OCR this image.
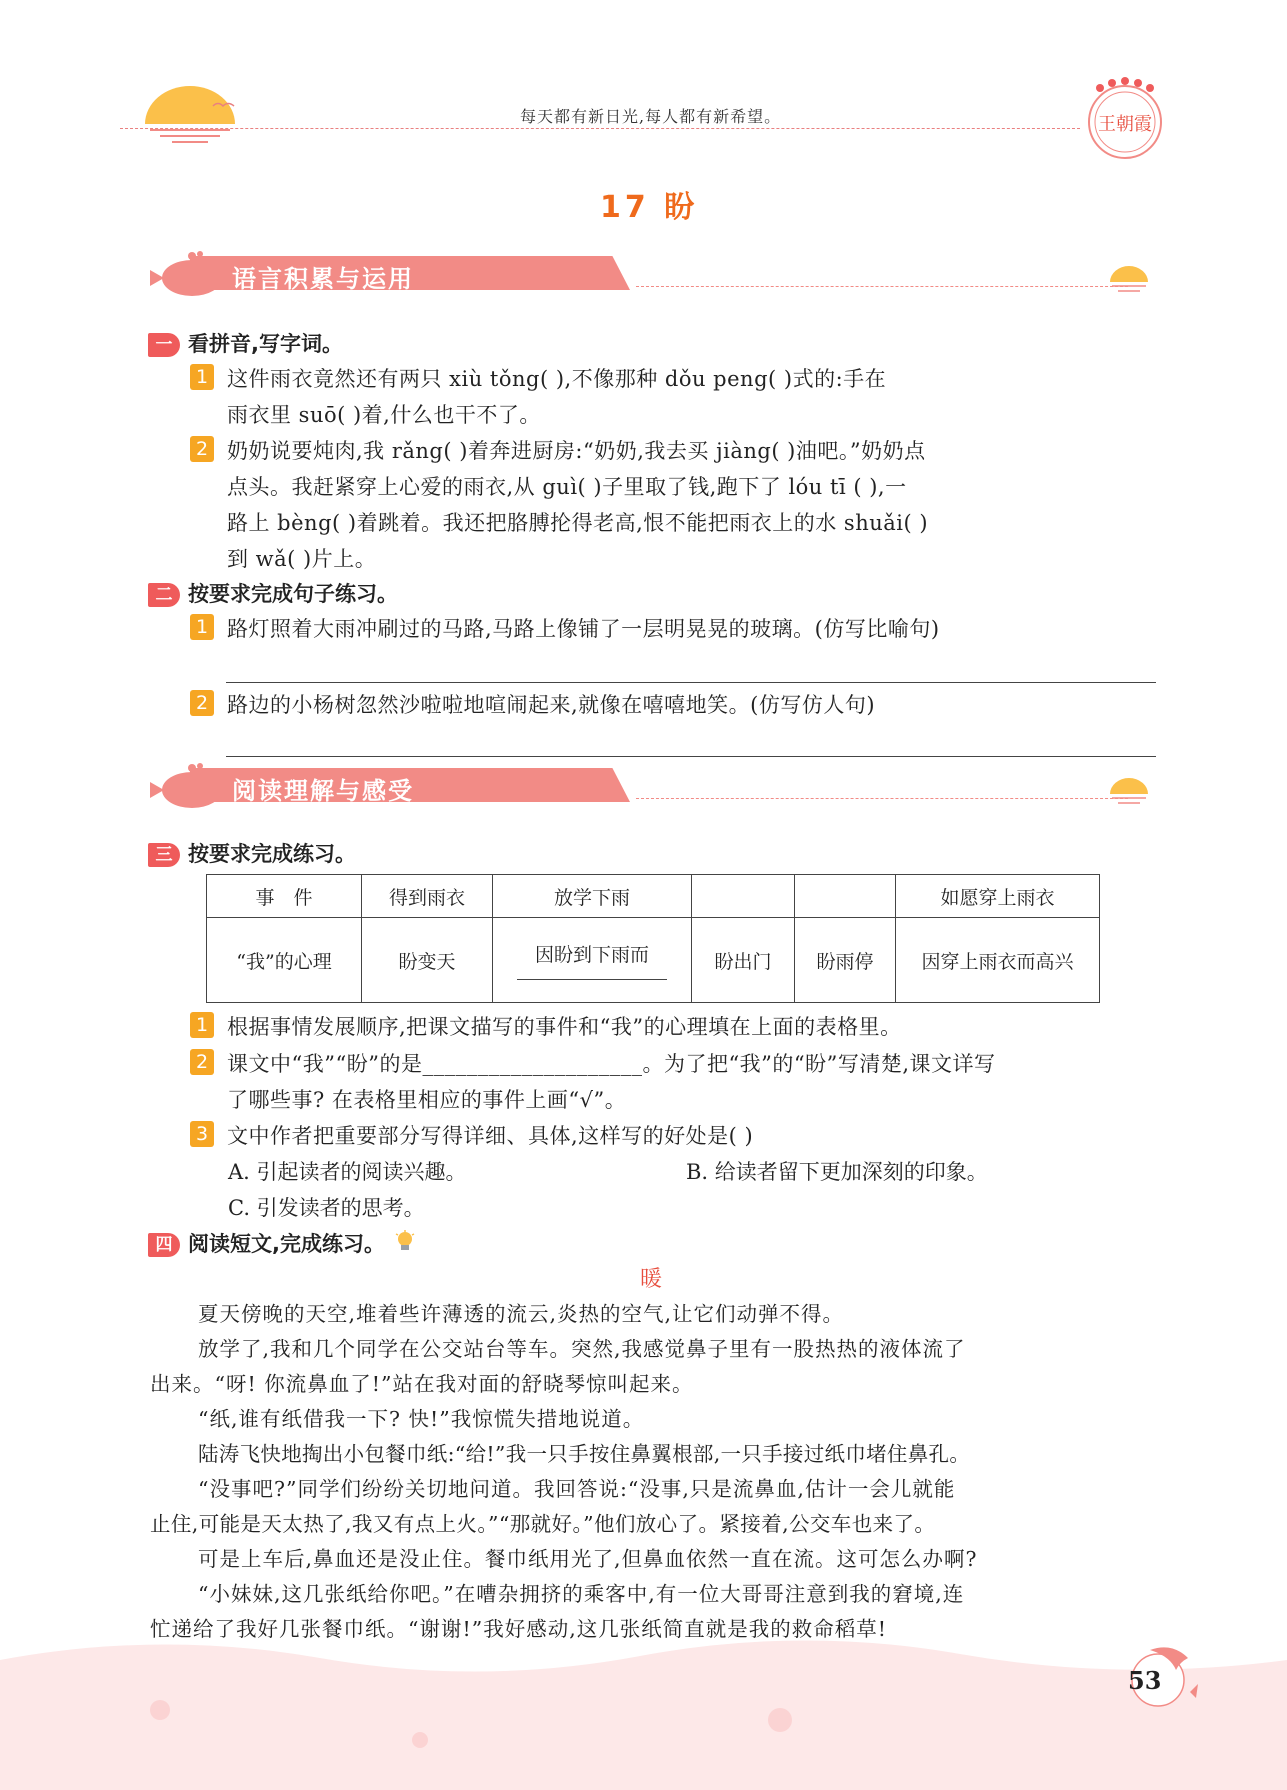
每天都有新日光,每人都有新希望。	王朝霞
17 盼
语言积累与运用
一 看拼音,写字词。
1 这件雨衣竟然还有两只 xiù tǒng( ),不像那种 dǒu peng( )式的:手在
雨衣里 suō( )着,什么也干不了。
2 奶奶说要炖肉,我 rǎng( )着奔进厨房:“奶奶,我去买 jiàng( )油吧。”奶奶点
点头。我赶紧穿上心爱的雨衣,从 guì( )子里取了钱,跑下了 lóu tī ( ),一
路上 bèng( )着跳着。我还把胳膊抡得老高,恨不能把雨衣上的水 shuǎi( )
到 wǎ( )片上。
二 按要求完成句子练习。
1 路灯照着大雨冲刷过的马路,马路上像铺了一层明晃晃的玻璃。(仿写比喻句)
2 路边的小杨树忽然沙啦啦地喧闹起来,就像在嘻嘻地笑。(仿写仿人句)
阅读理解与感受
三 按要求完成练习。
事　件	得到雨衣	放学下雨			如愿穿上雨衣
“我”的心理	盼变天	因盼到下雨而	盼出门	盼雨停	因穿上雨衣而高兴
1 根据事情发展顺序,把课文描写的事件和“我”的心理填在上面的表格里。
2 课文中“我”“盼”的是____________________。为了把“我”的“盼”写清楚,课文详写
了哪些事? 在表格里相应的事件上画“√”。
3 文中作者把重要部分写得详细、具体,这样写的好处是( )
A. 引起读者的阅读兴趣。	B. 给读者留下更加深刻的印象。
C. 引发读者的思考。
四 阅读短文,完成练习。
暖
夏天傍晚的天空,堆着些许薄透的流云,炎热的空气,让它们动弹不得。
放学了,我和几个同学在公交站台等车。突然,我感觉鼻子里有一股热热的液体流了
出来。“呀! 你流鼻血了!”站在我对面的舒晓琴惊叫起来。
“纸,谁有纸借我一下? 快!”我惊慌失措地说道。
陆涛飞快地掏出小包餐巾纸:“给!”我一只手按住鼻翼根部,一只手接过纸巾堵住鼻孔。
“没事吧?”同学们纷纷关切地问道。我回答说:“没事,只是流鼻血,估计一会儿就能
止住,可能是天太热了,我又有点上火。”“那就好。”他们放心了。紧接着,公交车也来了。
可是上车后,鼻血还是没止住。餐巾纸用光了,但鼻血依然一直在流。这可怎么办啊?
“小妹妹,这几张纸给你吧。”在嘈杂拥挤的乘客中,有一位大哥哥注意到我的窘境,连
忙递给了我好几张餐巾纸。“谢谢!”我好感动,这几张纸简直就是我的救命稻草!
53
